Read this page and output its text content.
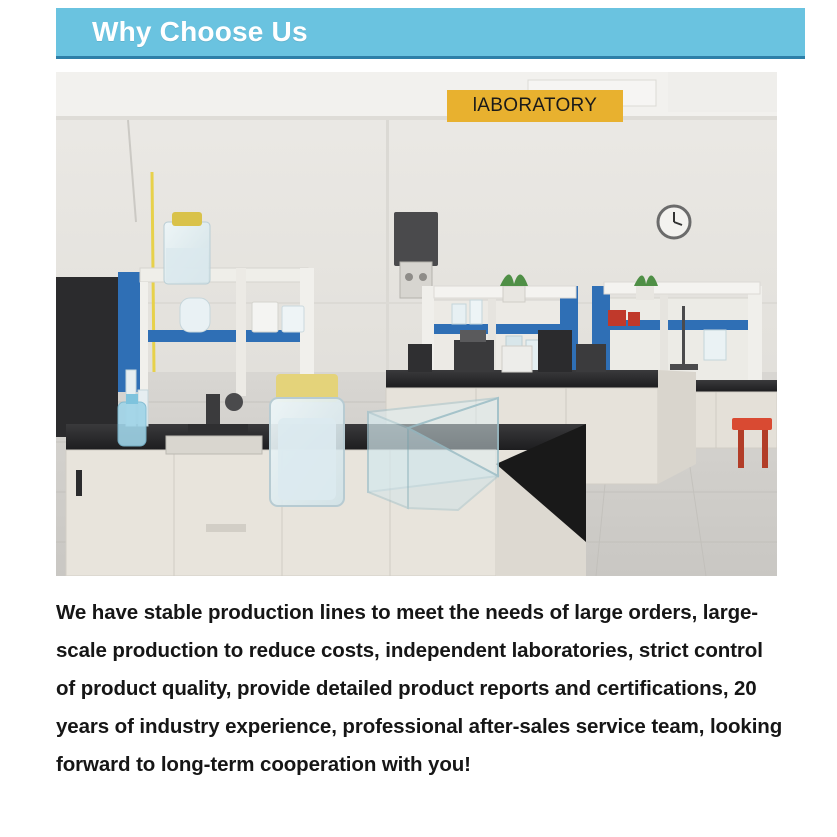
Why Choose Us
lABORATORY
We have stable production lines to meet the needs of large orders, large-scale production to reduce costs, independent laboratories, strict control of product quality, provide detailed product reports and certifications, 20 years of industry experience, professional after-sales service team, looking forward to long-term cooperation with you!
